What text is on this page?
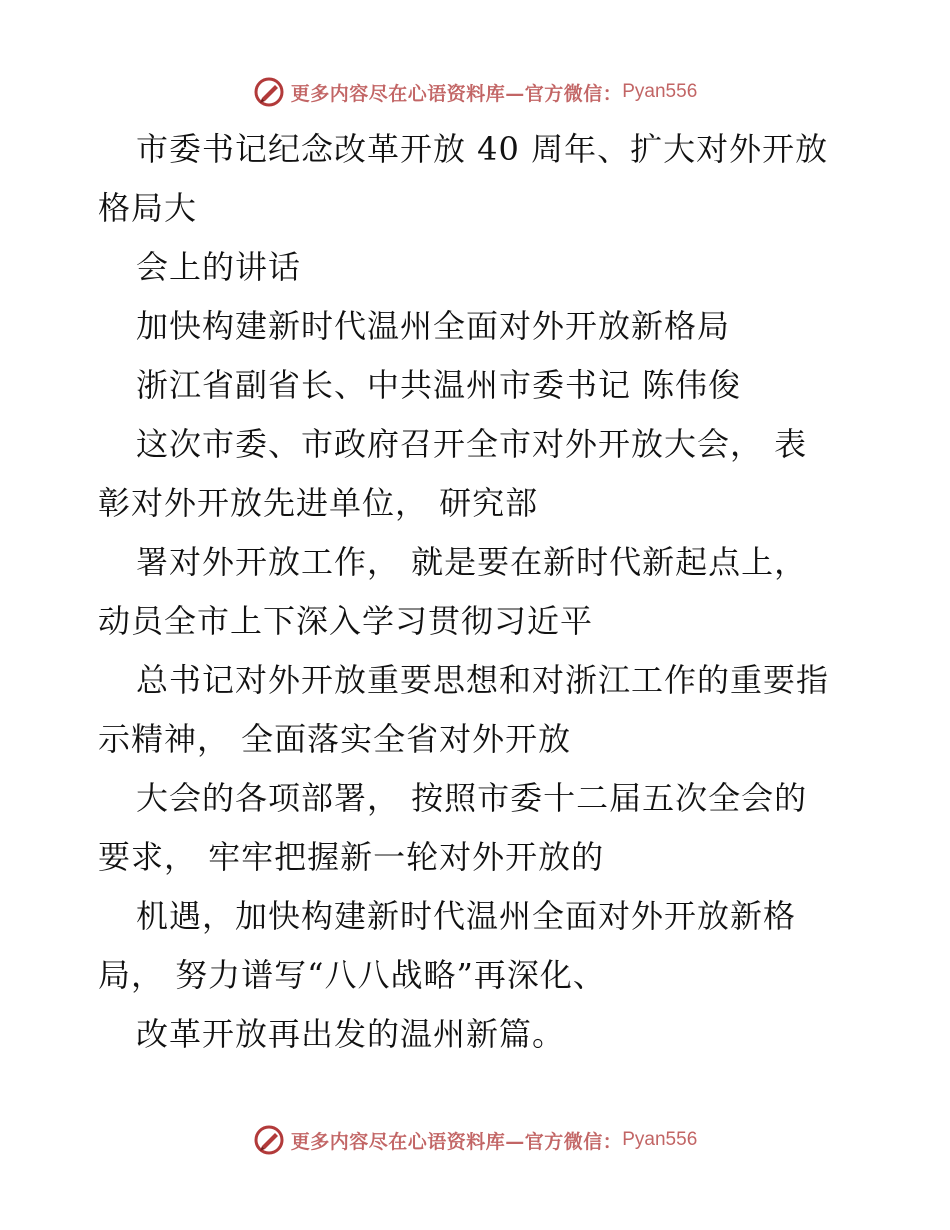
更多内容尽在心语资料库—官方微信： Pyan556
市委书记纪念改革开放 40 周年、扩大对外开放
格局大
会上的讲话
加快构建新时代温州全面对外开放新格局
浙江省副省长、中共温州市委书记 陈伟俊
这次市委、市政府召开全市对外开放大会， 表
彰对外开放先进单位， 研究部
署对外开放工作， 就是要在新时代新起点上，
动员全市上下深入学习贯彻习近平
总书记对外开放重要思想和对浙江工作的重要指
示精神， 全面落实全省对外开放
大会的各项部署， 按照市委十二届五次全会的
要求， 牢牢把握新一轮对外开放的
机遇，加快构建新时代温州全面对外开放新格
局， 努力谱写“八八战略”再深化、
改革开放再出发的温州新篇。
更多内容尽在心语资料库—官方微信： Pyan556
